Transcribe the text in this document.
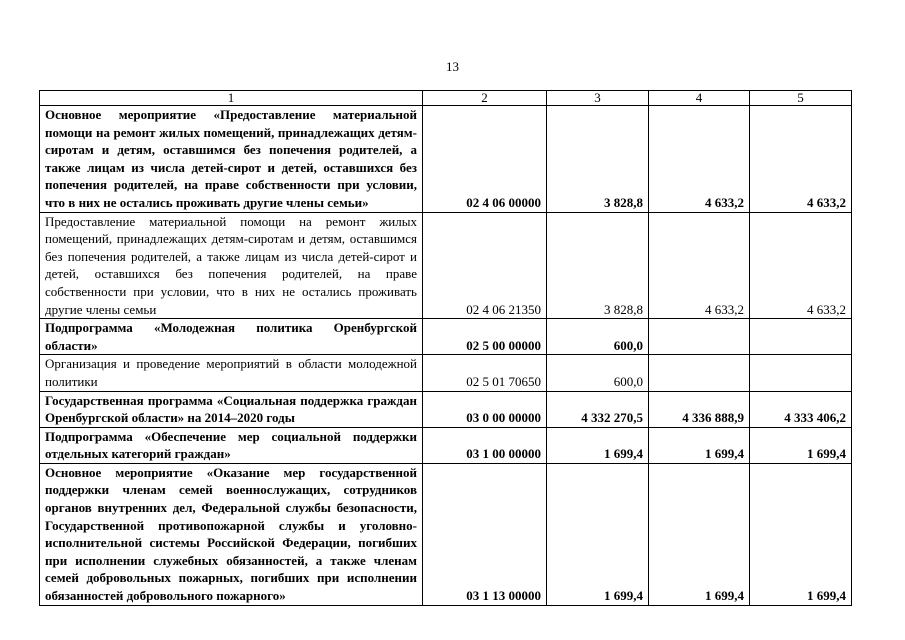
13
1	2	3	4	5
Основное мероприятие «Предоставление материальной помощи на ремонт жилых помещений, принадлежащих детям-сиротам и детям, оставшимся без попечения родителей, а также лицам из числа детей-сирот и детей, оставшихся без попечения родителей, на праве собственности при условии, что в них не остались проживать другие члены семьи»	02 4 06 00000	3 828,8	4 633,2	4 633,2
Предоставление материальной помощи на ремонт жилых помещений, принадлежащих детям-сиротам и детям, оставшимся без попечения родителей, а также лицам из числа детей-сирот и детей, оставшихся без попечения родителей, на праве собственности при условии, что в них не остались проживать другие члены семьи	02 4 06 21350	3 828,8	4 633,2	4 633,2
Подпрограмма «Молодежная политика Оренбургской области»	02 5 00 00000	600,0		
Организация и проведение мероприятий в области молодежной политики	02 5 01 70650	600,0		
Государственная программа «Социальная поддержка граждан Оренбургской области» на 2014–2020 годы	03 0 00 00000	4 332 270,5	4 336 888,9	4 333 406,2
Подпрограмма «Обеспечение мер социальной поддержки отдельных категорий граждан»	03 1 00 00000	1 699,4	1 699,4	1 699,4
Основное мероприятие «Оказание мер государственной поддержки членам семей военнослужащих, сотрудников органов внутренних дел, Федеральной службы безопасности, Государственной противопожарной службы и уголовно-исполнительной системы Российской Федерации, погибших при исполнении служебных обязанностей, а также членам семей добровольных пожарных, погибших при исполнении обязанностей добровольного пожарного»	03 1 13 00000	1 699,4	1 699,4	1 699,4
